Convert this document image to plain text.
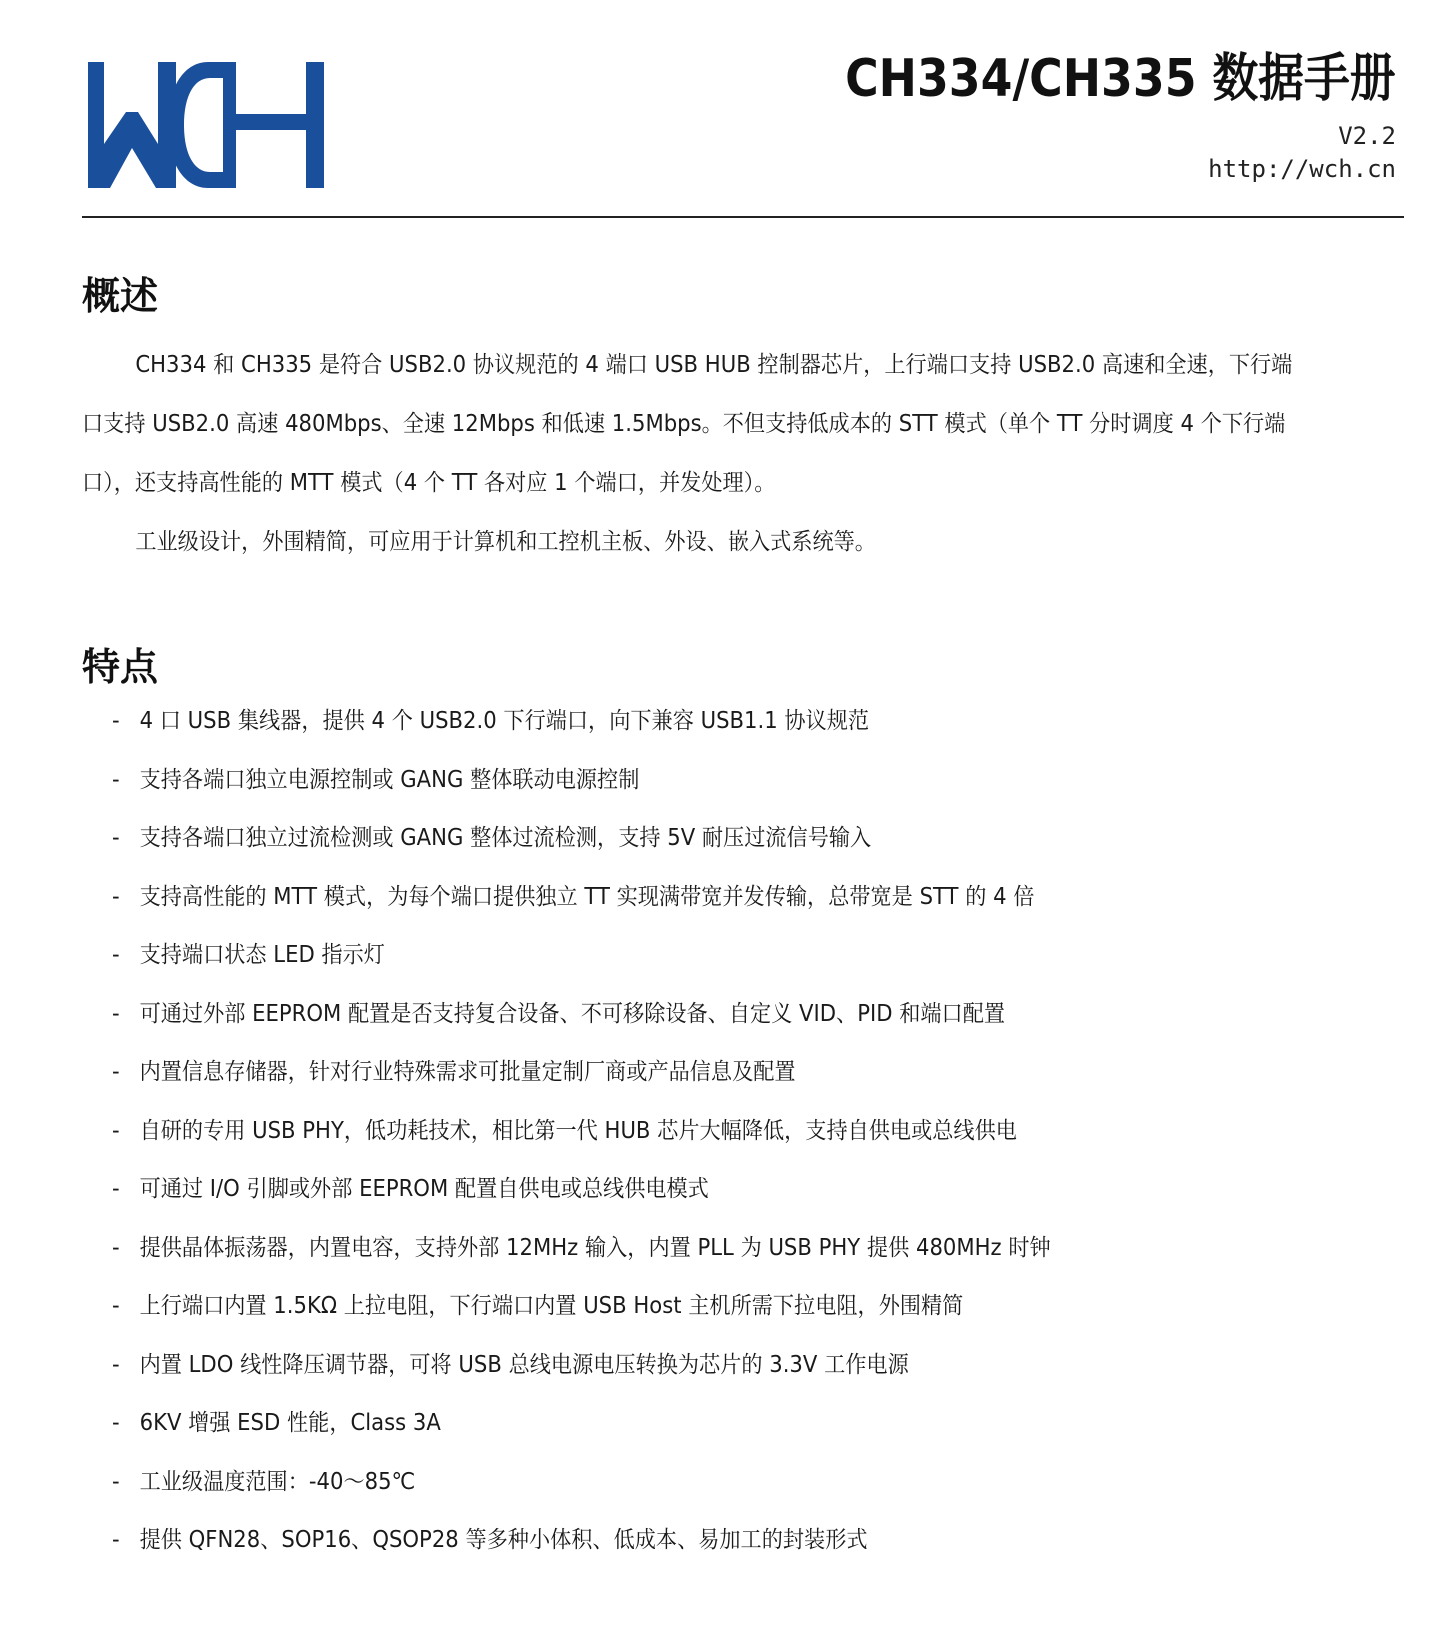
CH334/CH335 数据手册
V2.2
http://wch.cn
概述

CH334 和 CH335 是符合 USB2.0 协议规范的 4 端口 USB HUB 控制器芯片，上行端口支持 USB2.0 高速和全速，下行端口支持 USB2.0 高速 480Mbps、全速 12Mbps 和低速 1.5Mbps。不但支持低成本的 STT 模式（单个 TT 分时调度 4 个下行端口），还支持高性能的 MTT 模式（4 个 TT 各对应 1 个端口，并发处理）。

工业级设计，外围精简，可应用于计算机和工控机主板、外设、嵌入式系统等。

特点
- 4 口 USB 集线器，提供 4 个 USB2.0 下行端口，向下兼容 USB1.1 协议规范
- 支持各端口独立电源控制或 GANG 整体联动电源控制
- 支持各端口独立过流检测或 GANG 整体过流检测，支持 5V 耐压过流信号输入
- 支持高性能的 MTT 模式，为每个端口提供独立 TT 实现满带宽并发传输，总带宽是 STT 的 4 倍
- 支持端口状态 LED 指示灯
- 可通过外部 EEPROM 配置是否支持复合设备、不可移除设备、自定义 VID、PID 和端口配置
- 内置信息存储器，针对行业特殊需求可批量定制厂商或产品信息及配置
- 自研的专用 USB PHY，低功耗技术，相比第一代 HUB 芯片大幅降低，支持自供电或总线供电
- 可通过 I/O 引脚或外部 EEPROM 配置自供电或总线供电模式
- 提供晶体振荡器，内置电容，支持外部 12MHz 输入，内置 PLL 为 USB PHY 提供 480MHz 时钟
- 上行端口内置 1.5KΩ 上拉电阻，下行端口内置 USB Host 主机所需下拉电阻，外围精简
- 内置 LDO 线性降压调节器，可将 USB 总线电源电压转换为芯片的 3.3V 工作电源
- 6KV 增强 ESD 性能，Class 3A
- 工业级温度范围：-40～85℃
- 提供 QFN28、SOP16、QSOP28 等多种小体积、低成本、易加工的封装形式
